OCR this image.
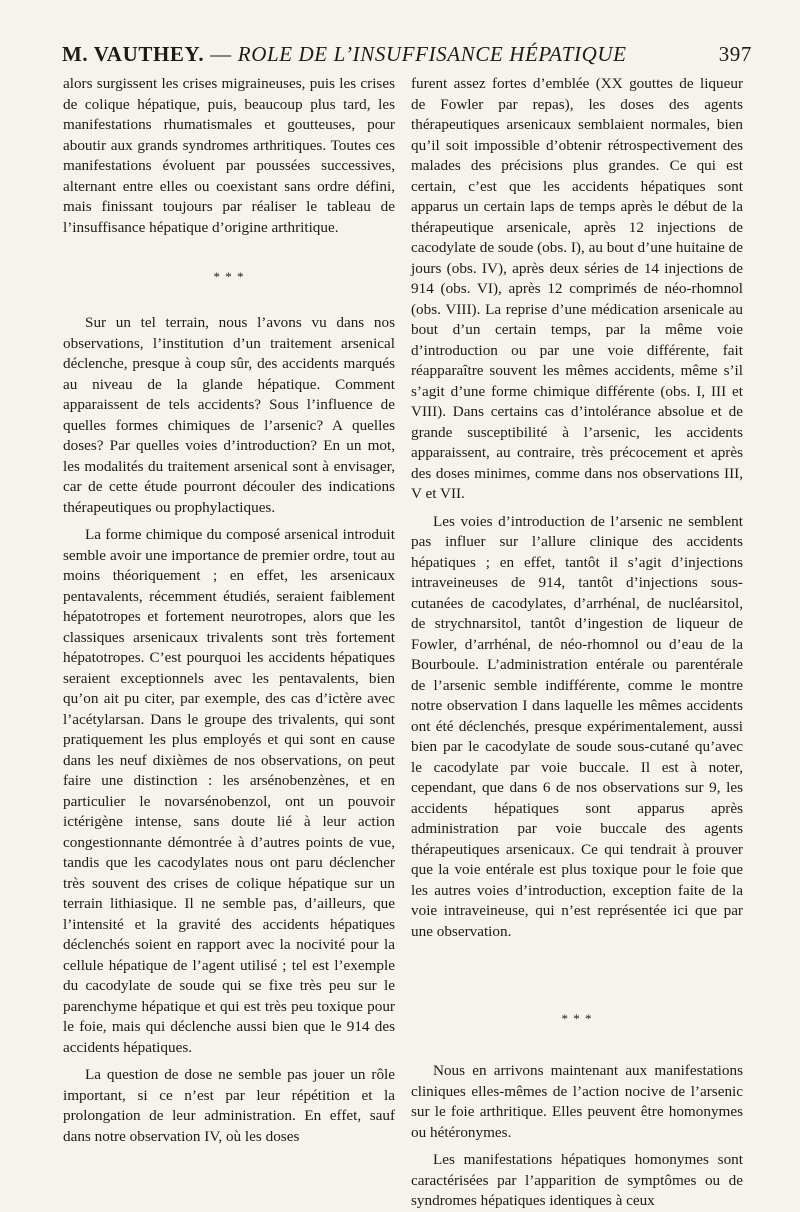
M. VAUTHEY. — ROLE DE L’INSUFFISANCE HÉPATIQUE	397

alors surgissent les crises migraineuses, puis les crises de colique hépatique, puis, beaucoup plus tard, les manifestations rhumatismales et goutteuses, pour aboutir aux grands syndromes arthritiques. Toutes ces manifestations évoluent par poussées successives, alternant entre elles ou coexistant sans ordre défini, mais finissant toujours par réaliser le tableau de l’insuffisance hépatique d’origine arthritique.

* * *

Sur un tel terrain, nous l’avons vu dans nos observations, l’institution d’un traitement arsenical déclenche, presque à coup sûr, des accidents marqués au niveau de la glande hépatique. Comment apparaissent de tels accidents? Sous l’influence de quelles formes chimiques de l’arsenic? A quelles doses? Par quelles voies d’introduction? En un mot, les modalités du traitement arsenical sont à envisager, car de cette étude pourront découler des indications thérapeutiques ou prophylactiques.

La forme chimique du composé arsenical introduit semble avoir une importance de premier ordre, tout au moins théoriquement ; en effet, les arsenicaux pentavalents, récemment étudiés, seraient faiblement hépatotropes et fortement neurotropes, alors que les classiques arsenicaux trivalents sont très fortement hépatotropes. C’est pourquoi les accidents hépatiques seraient exceptionnels avec les pentavalents, bien qu’on ait pu citer, par exemple, des cas d’ictère avec l’acétylarsan. Dans le groupe des trivalents, qui sont pratiquement les plus employés et qui sont en cause dans les neuf dixièmes de nos observations, on peut faire une distinction : les arsénobenzènes, et en particulier le novarsénobenzol, ont un pouvoir ictérigène intense, sans doute lié à leur action congestionnante démontrée à d’autres points de vue, tandis que les cacodylates nous ont paru déclencher très souvent des crises de colique hépatique sur un terrain lithiasique. Il ne semble pas, d’ailleurs, que l’intensité et la gravité des accidents hépatiques déclenchés soient en rapport avec la nocivité pour la cellule hépatique de l’agent utilisé ; tel est l’exemple du cacodylate de soude qui se fixe très peu sur le parenchyme hépatique et qui est très peu toxique pour le foie, mais qui déclenche aussi bien que le 914 des accidents hépatiques.

La question de dose ne semble pas jouer un rôle important, si ce n’est par leur répétition et la prolongation de leur administration. En effet, sauf dans notre observation IV, où les doses

furent assez fortes d’emblée (XX gouttes de liqueur de Fowler par repas), les doses des agents thérapeutiques arsenicaux semblaient normales, bien qu’il soit impossible d’obtenir rétrospectivement des malades des précisions plus grandes. Ce qui est certain, c’est que les accidents hépatiques sont apparus un certain laps de temps après le début de la thérapeutique arsenicale, après 12 injections de cacodylate de soude (obs. I), au bout d’une huitaine de jours (obs. IV), après deux séries de 14 injections de 914 (obs. VI), après 12 comprimés de néo-rhomnol (obs. VIII). La reprise d’une médication arsenicale au bout d’un certain temps, par la même voie d’introduction ou par une voie différente, fait réapparaître souvent les mêmes accidents, même s’il s’agit d’une forme chimique différente (obs. I, III et VIII). Dans certains cas d’intolérance absolue et de grande susceptibilité à l’arsenic, les accidents apparaissent, au contraire, très précocement et après des doses minimes, comme dans nos observations III, V et VII.

Les voies d’introduction de l’arsenic ne semblent pas influer sur l’allure clinique des accidents hépatiques ; en effet, tantôt il s’agit d’injections intraveineuses de 914, tantôt d’injections sous-cutanées de cacodylates, d’arrhénal, de nucléarsitol, de strychnarsitol, tantôt d’ingestion de liqueur de Fowler, d’arrhénal, de néo-rhomnol ou d’eau de la Bourboule. L’administration entérale ou parentérale de l’arsenic semble indifférente, comme le montre notre observation I dans laquelle les mêmes accidents ont été déclenchés, presque expérimentalement, aussi bien par le cacodylate de soude sous-cutané qu’avec le cacodylate par voie buccale. Il est à noter, cependant, que dans 6 de nos observations sur 9, les accidents hépatiques sont apparus après administration par voie buccale des agents thérapeutiques arsenicaux. Ce qui tendrait à prouver que la voie entérale est plus toxique pour le foie que les autres voies d’introduction, exception faite de la voie intraveineuse, qui n’est représentée ici que par une observation.

* * *

Nous en arrivons maintenant aux manifestations cliniques elles-mêmes de l’action nocive de l’arsenic sur le foie arthritique. Elles peuvent être homonymes ou hétéronymes.

Les manifestations hépatiques homonymes sont caractérisées par l’apparition de symptômes ou de syndromes hépatiques identiques à ceux
